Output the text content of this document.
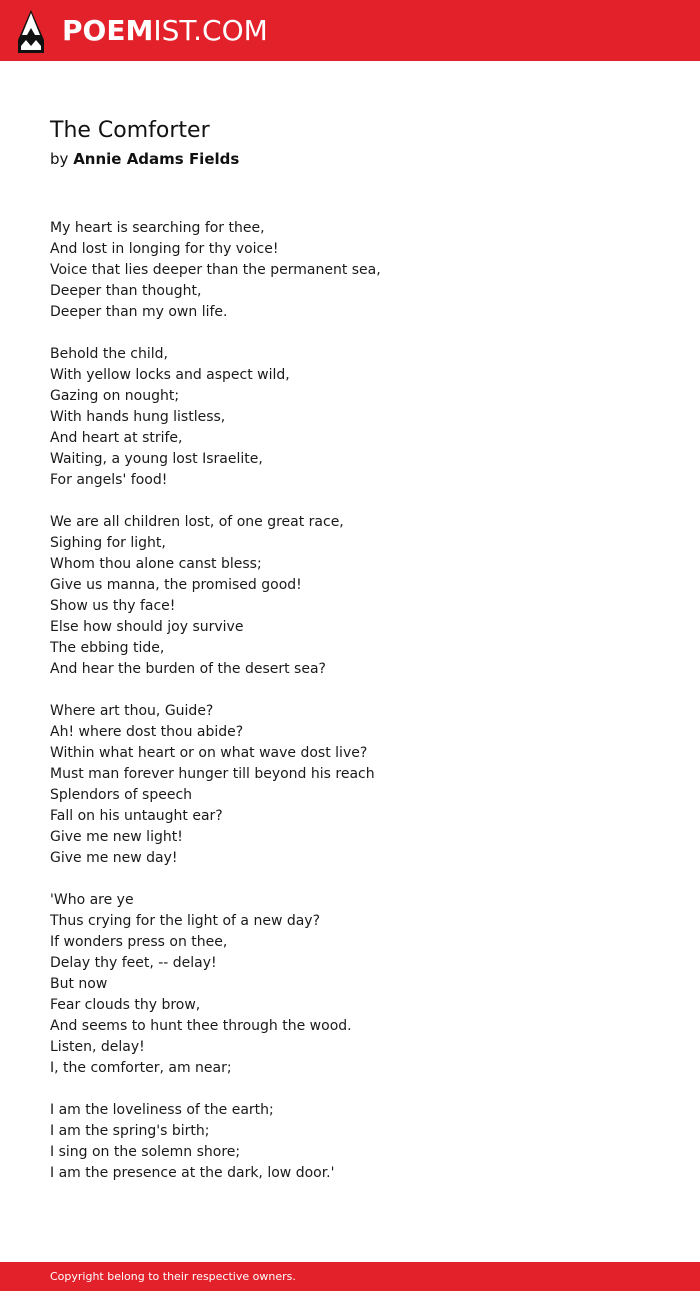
POEMIST.COM
The Comforter
by Annie Adams Fields
My heart is searching for thee,
And lost in longing for thy voice!
Voice that lies deeper than the permanent sea,
Deeper than thought,
Deeper than my own life.
Behold the child,
With yellow locks and aspect wild,
Gazing on nought;
With hands hung listless,
And heart at strife,
Waiting, a young lost Israelite,
For angels' food!
We are all children lost, of one great race,
Sighing for light,
Whom thou alone canst bless;
Give us manna, the promised good!
Show us thy face!
Else how should joy survive
The ebbing tide,
And hear the burden of the desert sea?
Where art thou, Guide?
Ah! where dost thou abide?
Within what heart or on what wave dost live?
Must man forever hunger till beyond his reach
Splendors of speech
Fall on his untaught ear?
Give me new light!
Give me new day!
'Who are ye
Thus crying for the light of a new day?
If wonders press on thee,
Delay thy feet, -- delay!
But now
Fear clouds thy brow,
And seems to hunt thee through the wood.
Listen, delay!
I, the comforter, am near;
I am the loveliness of the earth;
I am the spring's birth;
I sing on the solemn shore;
I am the presence at the dark, low door.'
Copyright belong to their respective owners.
